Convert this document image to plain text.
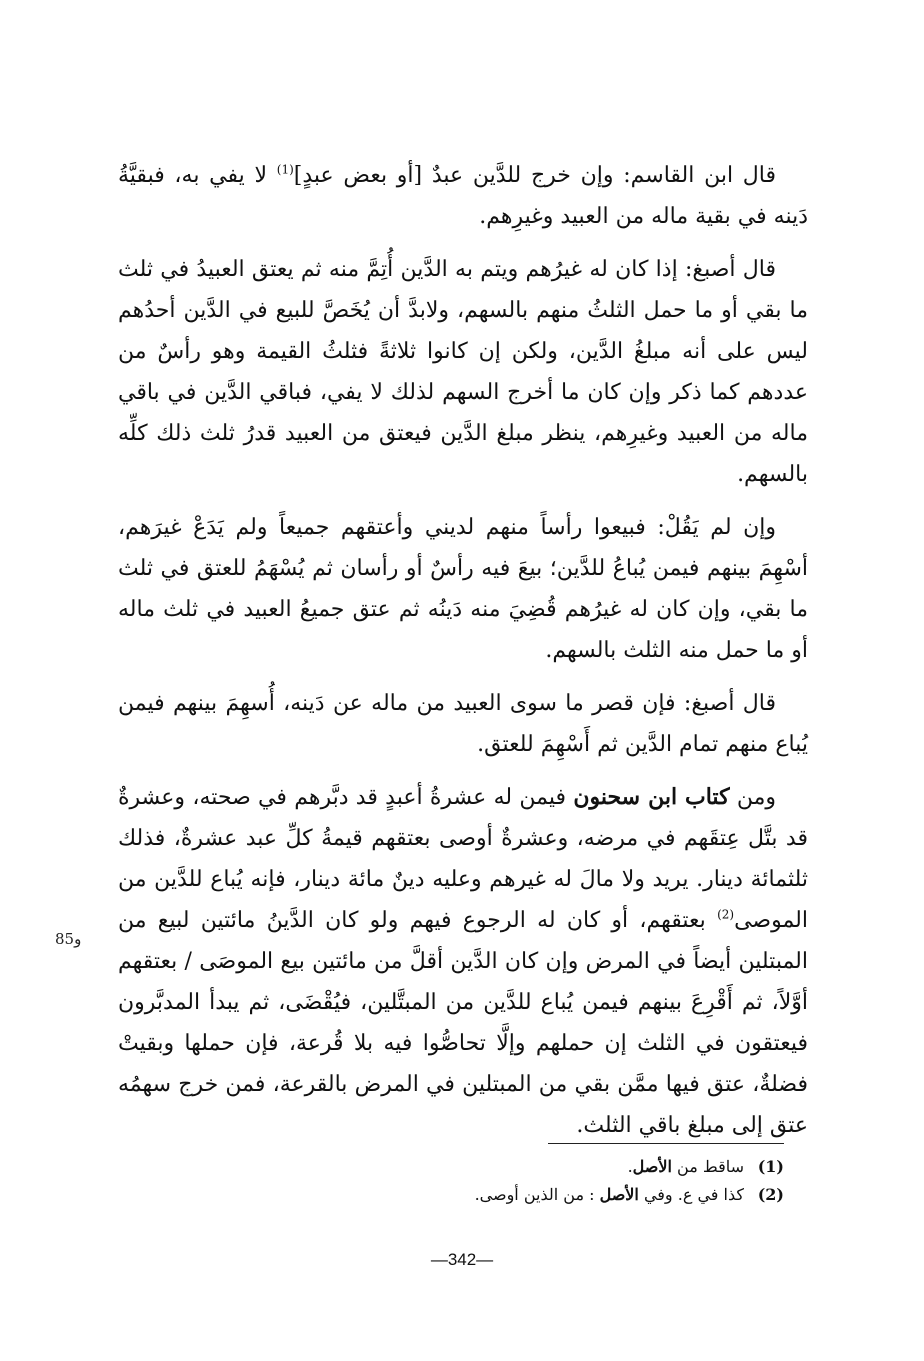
قال ابن القاسم: وإن خرج للدَّين عبدٌ [أو بعض عبدٍ]$^{(1)}$ لا يفي به، فبقيَّةُ دَينه في بقية ماله من العبيد وغيرِهم.

قال أصبغ: إذا كان له غيرُهم ويتم به الدَّين أُتِمَّ منه ثم يعتق العبيدُ في ثلث ما بقي أو ما حمل الثلثُ منهم بالسهم، ولابدَّ أن يُخَصَّ للبيع في الدَّين أحدُهم ليس على أنه مبلغُ الدَّين، ولكن إن كانوا ثلاثةً فثلثُ القيمة وهو رأسٌ من عددهم كما ذكر وإن كان ما أخرج السهم لذلك لا يفي، فباقي الدَّين في باقي ماله من العبيد وغيرِهم، ينظر مبلغ الدَّين فيعتق من العبيد قدرُ ثلث ذلك كلِّه بالسهم.

وإن لم يَقُلْ: فبيعوا رأساً منهم لديني وأعتقهم جميعاً ولم يَدَعْ غيرَهم، أسْهِمَ بينهم فيمن يُباعُ للدَّين؛ بيعَ فيه رأسٌ أو رأسان ثم يُسْهَمُ للعتق في ثلث ما بقي، وإن كان له غيرُهم قُضِيَ منه دَينُه ثم عتق جميعُ العبيد في ثلث ماله أو ما حمل منه الثلث بالسهم.

قال أصبغ: فإن قصر ما سوى العبيد من ماله عن دَينه، أُسهِمَ بينهم فيمن يُباع منهم تمام الدَّين ثم أَسْهِمَ للعتق.

ومن كتاب ابن سحنون فيمن له عشرةُ أعبدٍ قد دبَّرهم في صحته، وعشرةٌ قد بتَّل عِتقَهم في مرضه، وعشرةٌ أوصى بعتقهم قيمةُ كلِّ عبد عشرةٌ، فذلك ثلثمائة دينار. يريد ولا مالَ له غيرهم وعليه دينٌ مائة دينار، فإنه يُباع للدَّين من الموصى$^{(2)}$ بعتقهم، أو كان له الرجوع فيهم ولو كان الدَّينُ مائتين لبيع من المبتلين أيضاً في المرض وإن كان الدَّين أقلَّ من مائتين بيع الموصَى / بعتقهم أوَّلاً، ثم أَقْرِعَ بينهم فيمن يُباع للدَّين من المبتَّلين، فيُقْضَى، ثم يبدأ المدبَّرون فيعتقون في الثلث إن حملهم وإلَّا تحاصُّوا فيه بلا قُرعة، فإن حملها وبقيتْ فضلةٌ، عتق فيها ممَّن بقي من المبتلين في المرض بالقرعة، فمن خرج سهمُه عتق إلى مبلغ باقي الثلث.

و85
(1)
ساقط من الأصل.
(2)
كذا في ع. وفي الأصل : من الذين أوصى.
—342—
